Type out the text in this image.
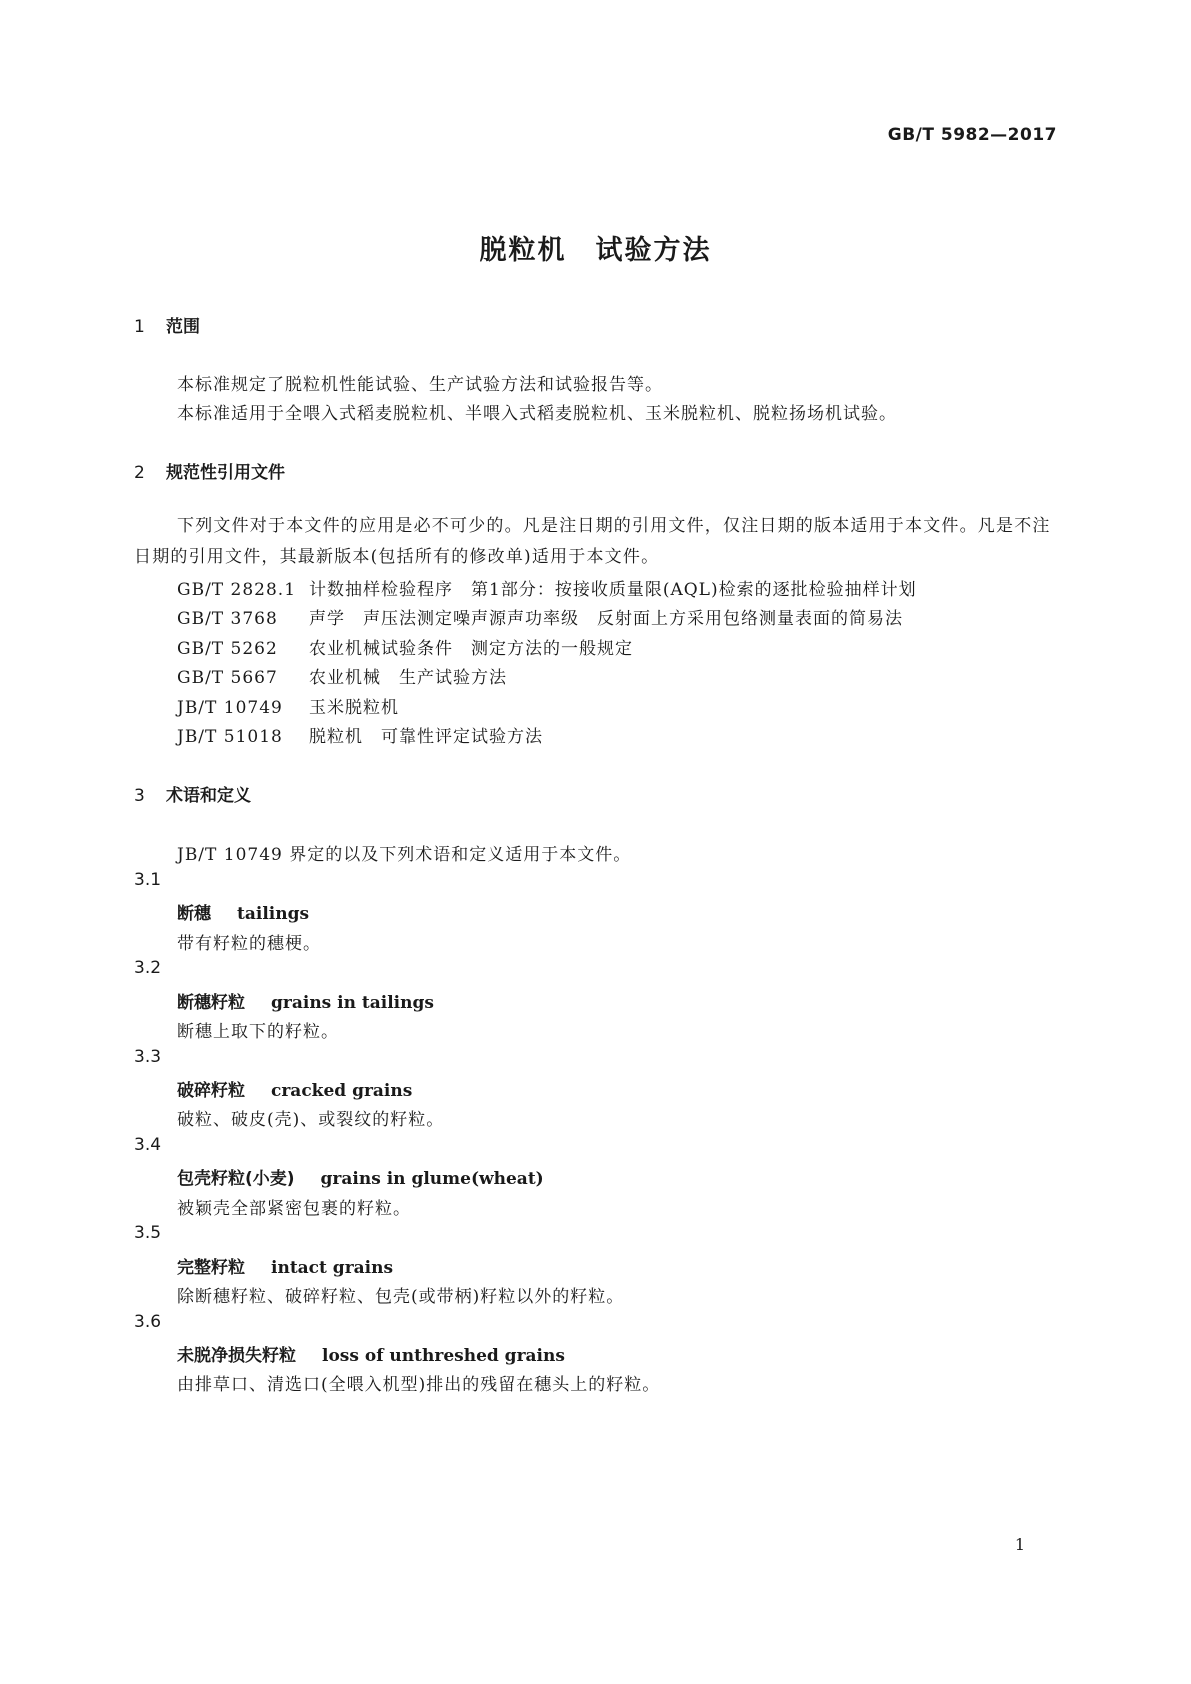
GB/T 5982—2017
脱粒机　试验方法
1 范围
本标准规定了脱粒机性能试验、生产试验方法和试验报告等。
本标准适用于全喂入式稻麦脱粒机、半喂入式稻麦脱粒机、玉米脱粒机、脱粒扬场机试验。
2 规范性引用文件
下列文件对于本文件的应用是必不可少的。凡是注日期的引用文件，仅注日期的版本适用于本文件。凡是不注日期的引用文件，其最新版本(包括所有的修改单)适用于本文件。
GB/T 2828.1 计数抽样检验程序　第1部分：按接收质量限(AQL)检索的逐批检验抽样计划
GB/T 3768 声学　声压法测定噪声源声功率级　反射面上方采用包络测量表面的简易法
GB/T 5262 农业机械试验条件　测定方法的一般规定
GB/T 5667 农业机械　生产试验方法
JB/T 10749 玉米脱粒机
JB/T 51018 脱粒机　可靠性评定试验方法
3 术语和定义
JB/T 10749 界定的以及下列术语和定义适用于本文件。
3.1
断穗 tailings
带有籽粒的穗梗。
3.2
断穗籽粒 grains in tailings
断穗上取下的籽粒。
3.3
破碎籽粒 cracked grains
破粒、破皮(壳)、或裂纹的籽粒。
3.4
包壳籽粒(小麦) grains in glume(wheat)
被颖壳全部紧密包裹的籽粒。
3.5
完整籽粒 intact grains
除断穗籽粒、破碎籽粒、包壳(或带柄)籽粒以外的籽粒。
3.6
未脱净损失籽粒 loss of unthreshed grains
由排草口、清选口(全喂入机型)排出的残留在穗头上的籽粒。
1
